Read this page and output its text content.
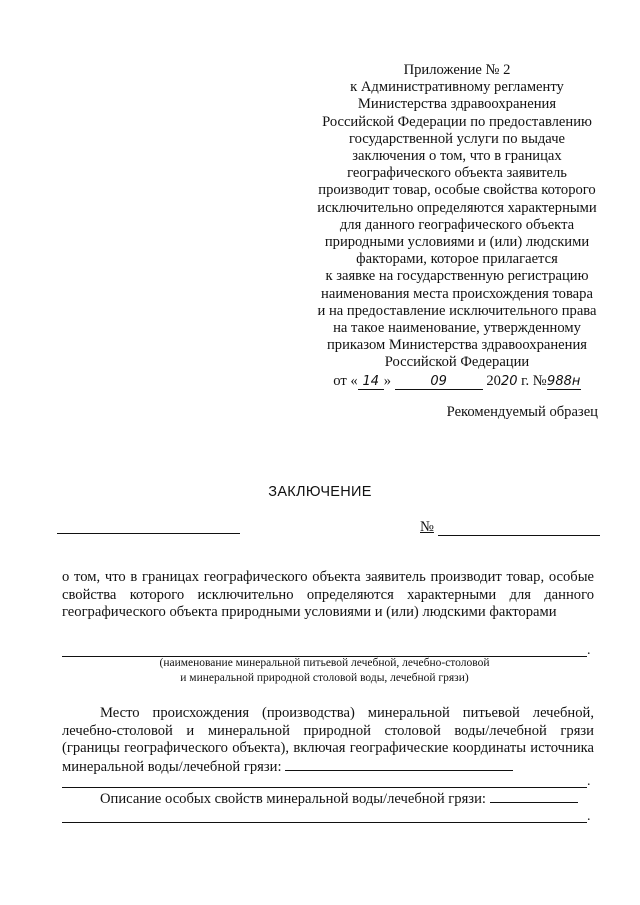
Приложение № 2
к Административному регламенту
Министерства здравоохранения
Российской Федерации по предоставлению
государственной услуги по выдаче
заключения о том, что в границах
географического объекта заявитель
производит товар, особые свойства которого
исключительно определяются характерными
для данного географического объекта
природными условиями и (или) людскими
факторами, которое прилагается
к заявке на государственную регистрацию
наименования места происхождения товара
и на предоставление исключительного права
на такое наименование, утвержденному
приказом Министерства здравоохранения
Российской Федерации
от « 14 »	09	2020 г. №988н
Рекомендуемый образец
ЗАКЛЮЧЕНИЕ
№
о том, что в границах географического объекта заявитель производит товар, особые свойства которого исключительно определяются характерными для данного географического объекта природными условиями и (или) людскими факторами
.
(наименование минеральной питьевой лечебной, лечебно-столовой
и минеральной природной столовой воды, лечебной грязи)
Место происхождения (производства) минеральной питьевой лечебной, лечебно-столовой и минеральной природной столовой воды/лечебной грязи (границы географического объекта), включая географические координаты источника минеральной воды/лечебной грязи:
.
Описание особых свойств минеральной воды/лечебной грязи:
.
